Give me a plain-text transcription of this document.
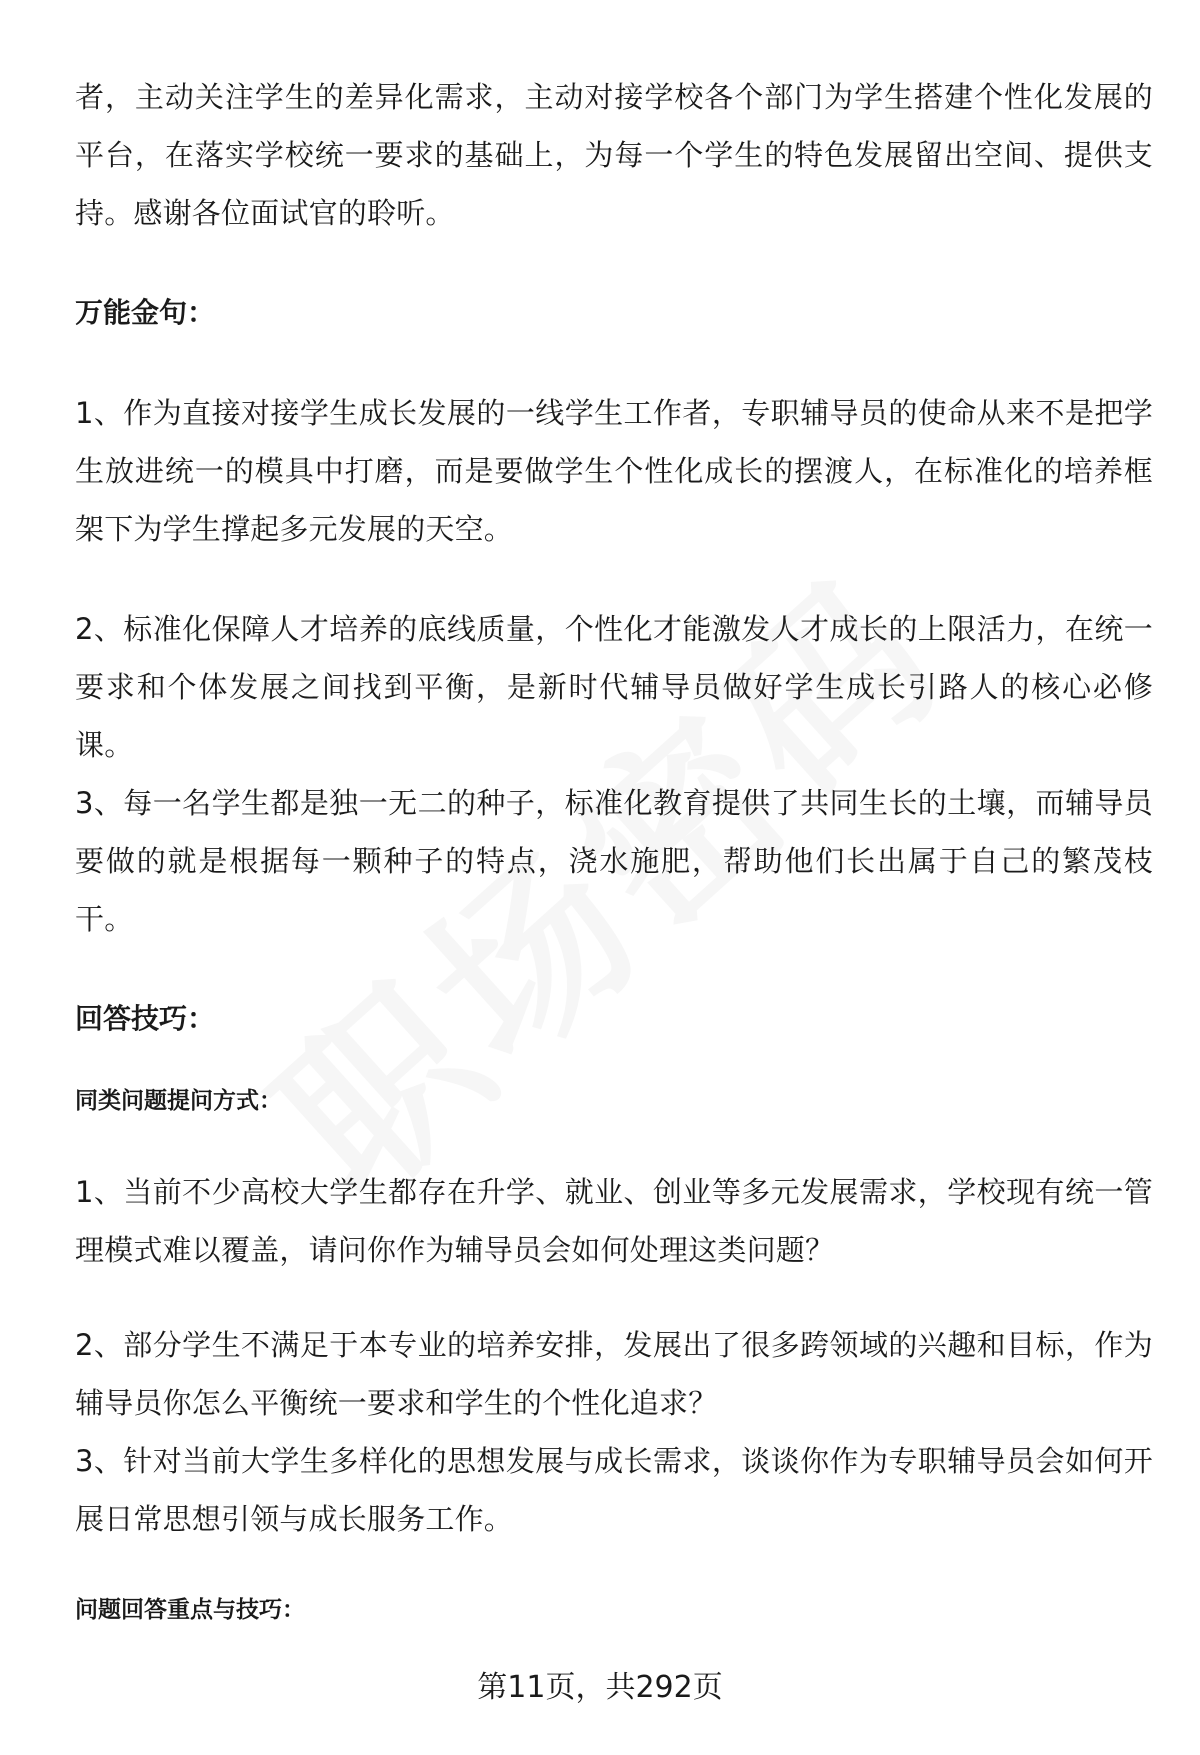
者，主动关注学生的差异化需求，主动对接学校各个部门为学生搭建个性化发展的平台，在落实学校统一要求的基础上，为每一个学生的特色发展留出空间、提供支持。感谢各位面试官的聆听。

万能金句：

1、作为直接对接学生成长发展的一线学生工作者，专职辅导员的使命从来不是把学生放进统一的模具中打磨，而是要做学生个性化成长的摆渡人，在标准化的培养框架下为学生撑起多元发展的天空。

2、标准化保障人才培养的底线质量，个性化才能激发人才成长的上限活力，在统一要求和个体发展之间找到平衡，是新时代辅导员做好学生成长引路人的核心必修课。

3、每一名学生都是独一无二的种子，标准化教育提供了共同生长的土壤，而辅导员要做的就是根据每一颗种子的特点，浇水施肥，帮助他们长出属于自己的繁茂枝干。

回答技巧：

同类问题提问方式：

1、当前不少高校大学生都存在升学、就业、创业等多元发展需求，学校现有统一管理模式难以覆盖，请问你作为辅导员会如何处理这类问题？

2、部分学生不满足于本专业的培养安排，发展出了很多跨领域的兴趣和目标，作为辅导员你怎么平衡统一要求和学生的个性化追求？

3、针对当前大学生多样化的思想发展与成长需求，谈谈你作为专职辅导员会如何开展日常思想引领与成长服务工作。

问题回答重点与技巧：

第11页，共292页
